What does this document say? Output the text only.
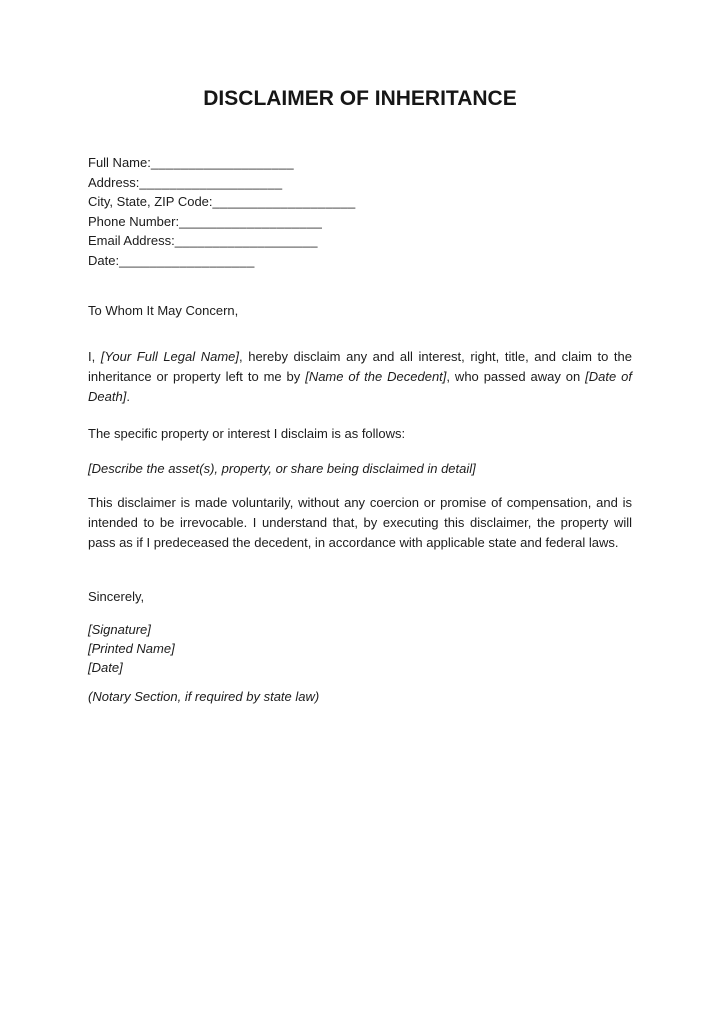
DISCLAIMER OF INHERITANCE
Full Name:___________________
Address:___________________
City, State, ZIP Code:___________________
Phone Number:___________________
Email Address:___________________
Date:__________________

To Whom It May Concern,

I, [Your Full Legal Name], hereby disclaim any and all interest, right, title, and claim to the inheritance or property left to me by [Name of the Decedent], who passed away on [Date of Death].

The specific property or interest I disclaim is as follows:

[Describe the asset(s), property, or share being disclaimed in detail]

This disclaimer is made voluntarily, without any coercion or promise of compensation, and is intended to be irrevocable. I understand that, by executing this disclaimer, the property will pass as if I predeceased the decedent, in accordance with applicable state and federal laws.

Sincerely,

[Signature]
[Printed Name]
[Date]

(Notary Section, if required by state law)
